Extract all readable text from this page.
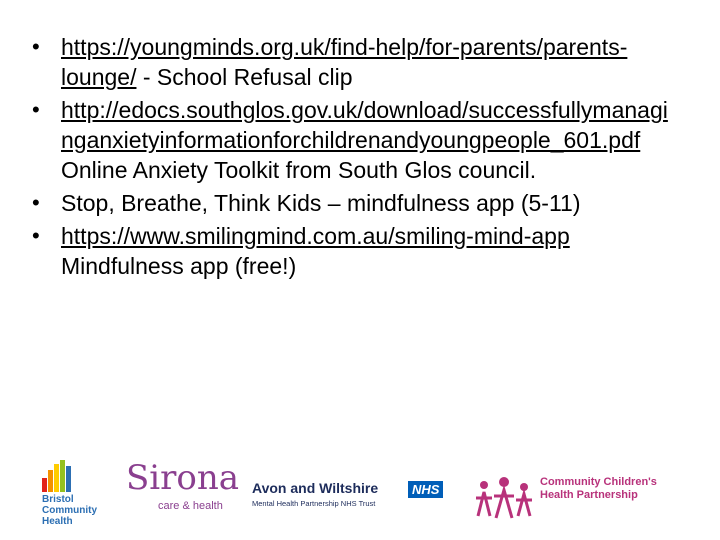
• https://youngminds.org.uk/find-help/for-parents/parents-lounge/ - School Refusal clip
• http://edocs.southglos.gov.uk/download/successfullymanaginganxietyinformationforchildrenandyoungpeople_601.pdf Online Anxiety Toolkit from South Glos council.
• Stop, Breathe, Think Kids – mindfulness app (5-11)
• https://www.smilingmind.com.au/smiling-mind-app Mindfulness app (free!)
Bristol
Community
Health
Sirona
care & health
Avon and Wiltshire	NHS
Mental Health Partnership NHS Trust
Community Children's
Health Partnership
